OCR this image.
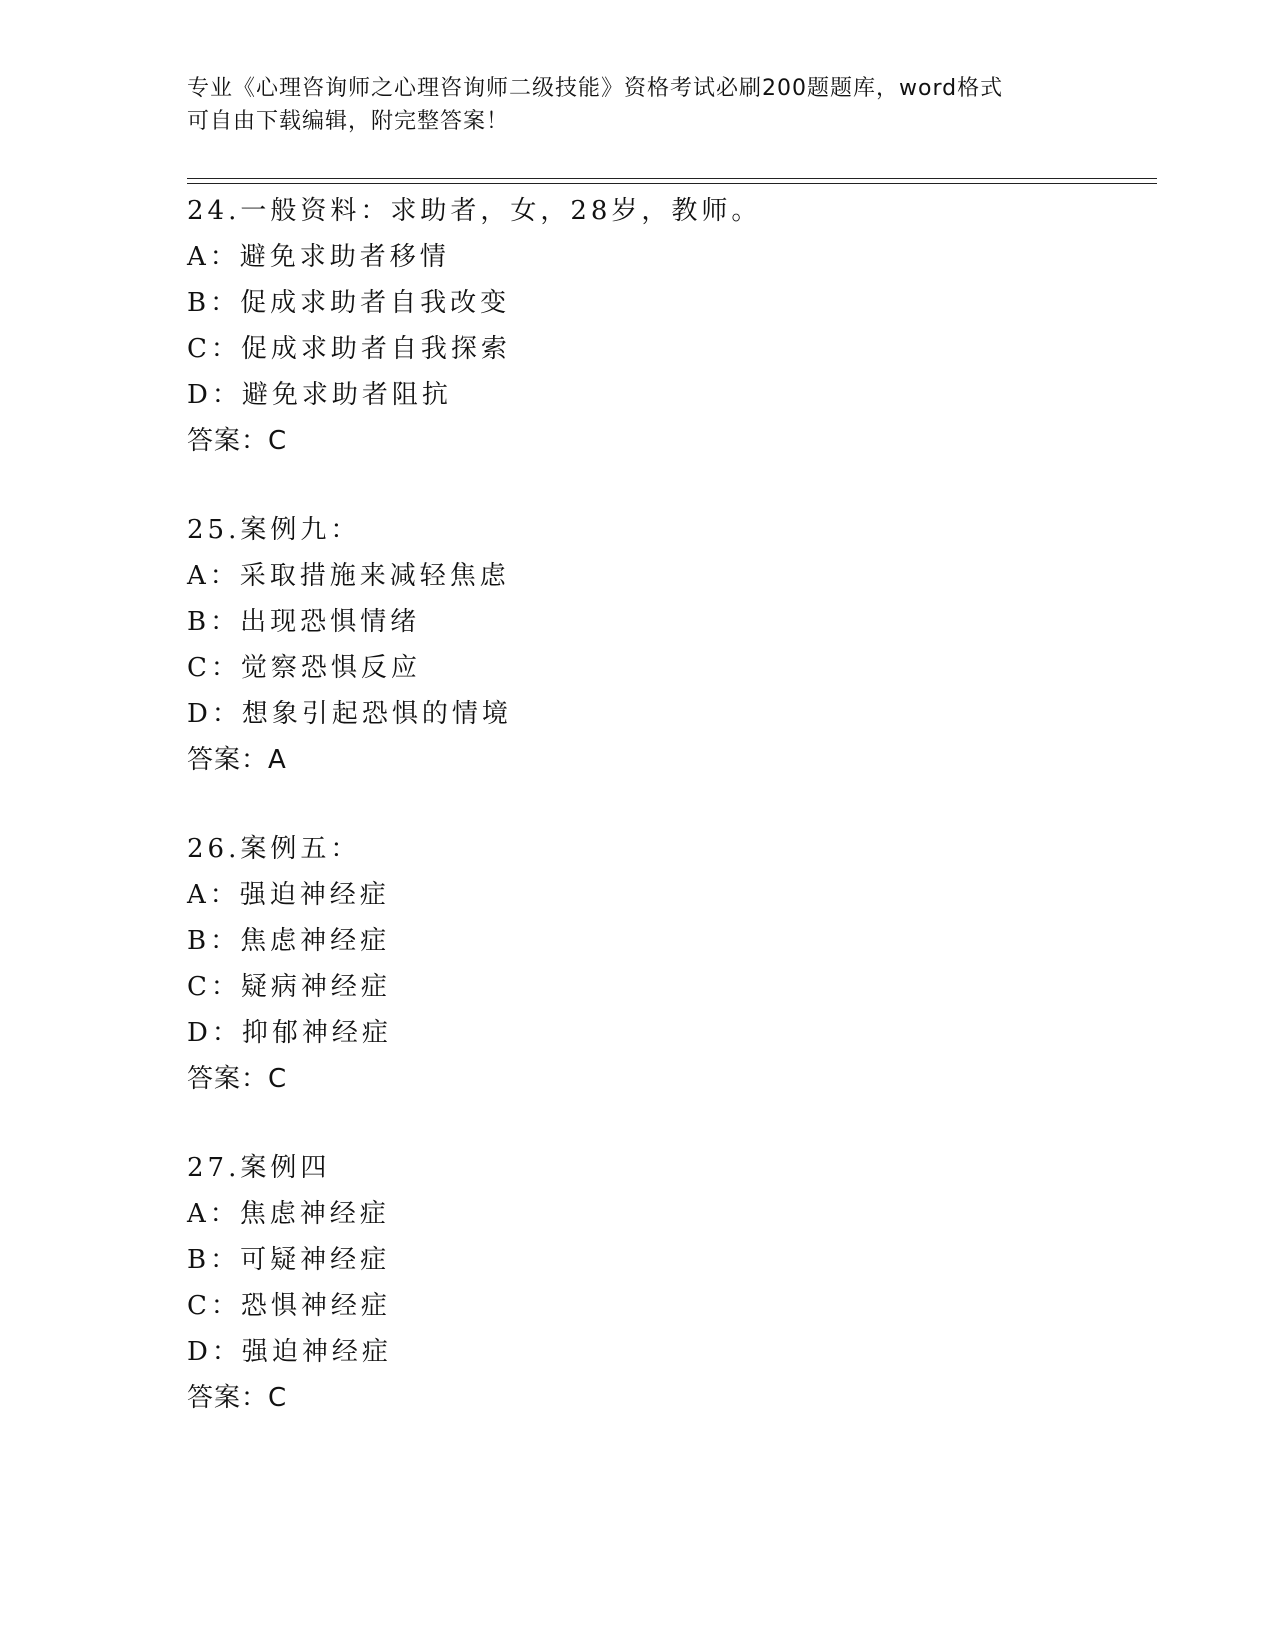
专业《心理咨询师之心理咨询师二级技能》资格考试必刷200题题库，word格式
可自由下载编辑，附完整答案！
24.一般资料：求助者，女，28岁，教师。
A：避免求助者移情
B：促成求助者自我改变
C：促成求助者自我探索
D：避免求助者阻抗
答案：C
25.案例九：
A：采取措施来减轻焦虑
B：出现恐惧情绪
C：觉察恐惧反应
D：想象引起恐惧的情境
答案：A
26.案例五：
A：强迫神经症
B：焦虑神经症
C：疑病神经症
D：抑郁神经症
答案：C
27.案例四
A：焦虑神经症
B：可疑神经症
C：恐惧神经症
D：强迫神经症
答案：C
